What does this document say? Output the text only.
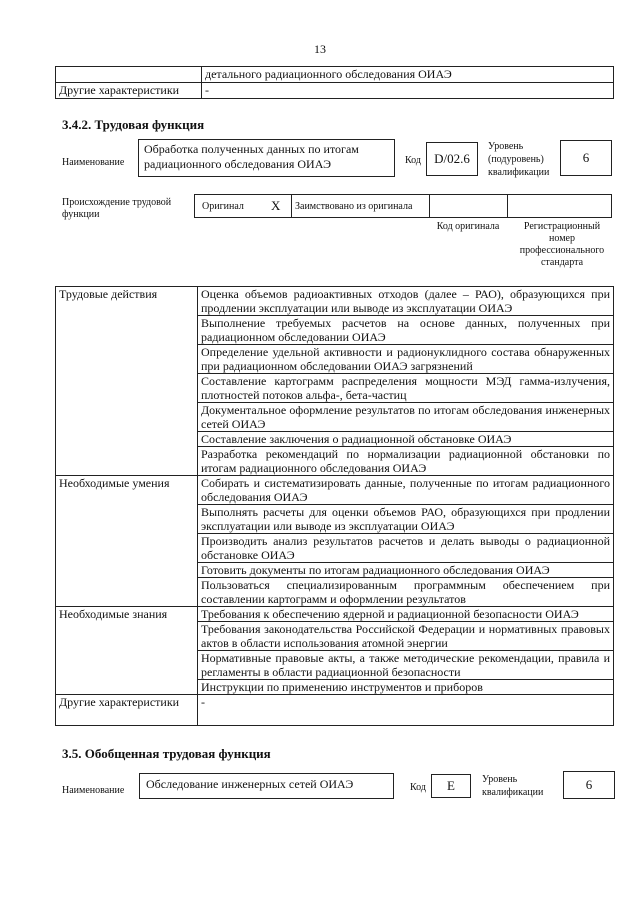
13
	детального радиационного обследования ОИАЭ
Другие характеристики	-
3.4.2. Трудовая функция
Наименование
Обработка полученных данных по итогам радиационного обследования ОИАЭ	Код	D/02.6
Уровень (подуровень) квалификации
6
Происхождение трудовой функции
Оригинал X Заимствовано из оригинала
Код оригинала	Регистрационный номер профессионального стандарта
Трудовые действия	Оценка объемов радиоактивных отходов (далее – РАО), образующихся при продлении эксплуатации или выводе из эксплуатации ОИАЭ
	Выполнение требуемых расчетов на основе данных, полученных при радиационном обследовании ОИАЭ
	Определение удельной активности и радионуклидного состава обнаруженных при радиационном обследовании ОИАЭ загрязнений
	Составление картограмм распределения мощности МЭД гамма-излучения, плотностей потоков альфа-, бета-частиц
	Документальное оформление результатов по итогам обследования инженерных сетей ОИАЭ
	Составление заключения о радиационной обстановке ОИАЭ
	Разработка рекомендаций по нормализации радиационной обстановки по итогам радиационного обследования ОИАЭ
Необходимые умения	Собирать и систематизировать данные, полученные по итогам радиационного обследования ОИАЭ
	Выполнять расчеты для оценки объемов РАО, образующихся при продлении эксплуатации или выводе из эксплуатации ОИАЭ
	Производить анализ результатов расчетов и делать выводы о радиационной обстановке ОИАЭ
	Готовить документы по итогам радиационного обследования ОИАЭ
	Пользоваться специализированным программным обеспечением при составлении картограмм и оформлении результатов
Необходимые знания	Требования к обеспечению ядерной и радиационной безопасности ОИАЭ
	Требования законодательства Российской Федерации и нормативных правовых актов в области использования атомной энергии
	Нормативные правовые акты, а также методические рекомендации, правила и регламенты в области радиационной безопасности
	Инструкции по применению инструментов и приборов
Другие характеристики	-
3.5. Обобщенная трудовая функция
Наименование	Обследование инженерных сетей ОИАЭ	Код	Е	Уровень квалификации
6
